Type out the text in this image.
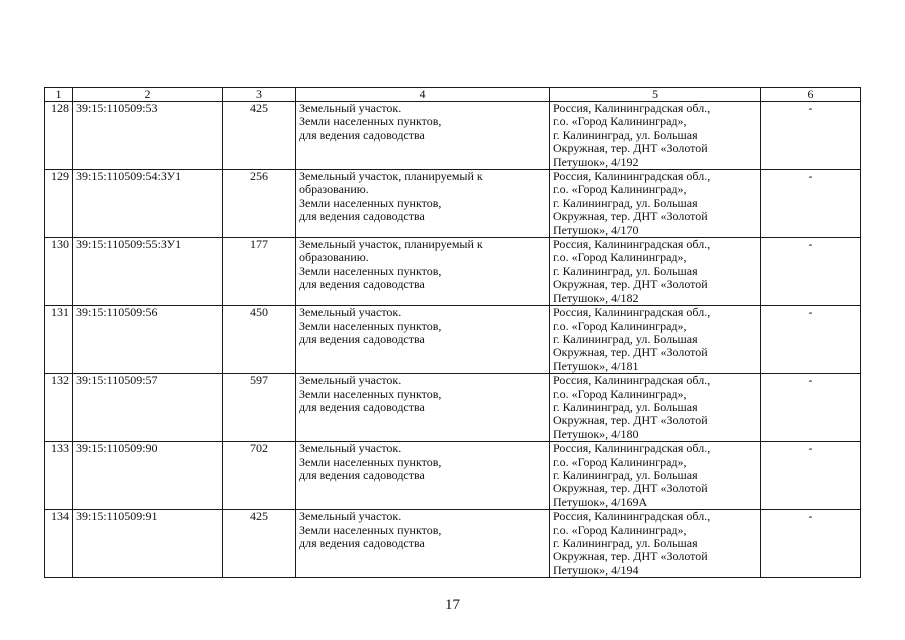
1	2	3	4	5	6
128	39:15:110509:53	425	Земельный участок.
Земли населенных пунктов,
для ведения садоводства	Россия, Калининградская обл.,
г.о. «Город Калининград»,
г. Калининград, ул. Большая
Окружная, тер. ДНТ «Золотой
Петушок», 4/192	-
129	39:15:110509:54:ЗУ1	256	Земельный участок, планируемый к
образованию.
Земли населенных пунктов,
для ведения садоводства	Россия, Калининградская обл.,
г.о. «Город Калининград»,
г. Калининград, ул. Большая
Окружная, тер. ДНТ «Золотой
Петушок», 4/170	-
130	39:15:110509:55:ЗУ1	177	Земельный участок, планируемый к
образованию.
Земли населенных пунктов,
для ведения садоводства	Россия, Калининградская обл.,
г.о. «Город Калининград»,
г. Калининград, ул. Большая
Окружная, тер. ДНТ «Золотой
Петушок», 4/182	-
131	39:15:110509:56	450	Земельный участок.
Земли населенных пунктов,
для ведения садоводства	Россия, Калининградская обл.,
г.о. «Город Калининград»,
г. Калининград, ул. Большая
Окружная, тер. ДНТ «Золотой
Петушок», 4/181	-
132	39:15:110509:57	597	Земельный участок.
Земли населенных пунктов,
для ведения садоводства	Россия, Калининградская обл.,
г.о. «Город Калининград»,
г. Калининград, ул. Большая
Окружная, тер. ДНТ «Золотой
Петушок», 4/180	-
133	39:15:110509:90	702	Земельный участок.
Земли населенных пунктов,
для ведения садоводства	Россия, Калининградская обл.,
г.о. «Город Калининград»,
г. Калининград, ул. Большая
Окружная, тер. ДНТ «Золотой
Петушок», 4/169А	-
134	39:15:110509:91	425	Земельный участок.
Земли населенных пунктов,
для ведения садоводства	Россия, Калининградская обл.,
г.о. «Город Калининград»,
г. Калининград, ул. Большая
Окружная, тер. ДНТ «Золотой
Петушок», 4/194	-
17
